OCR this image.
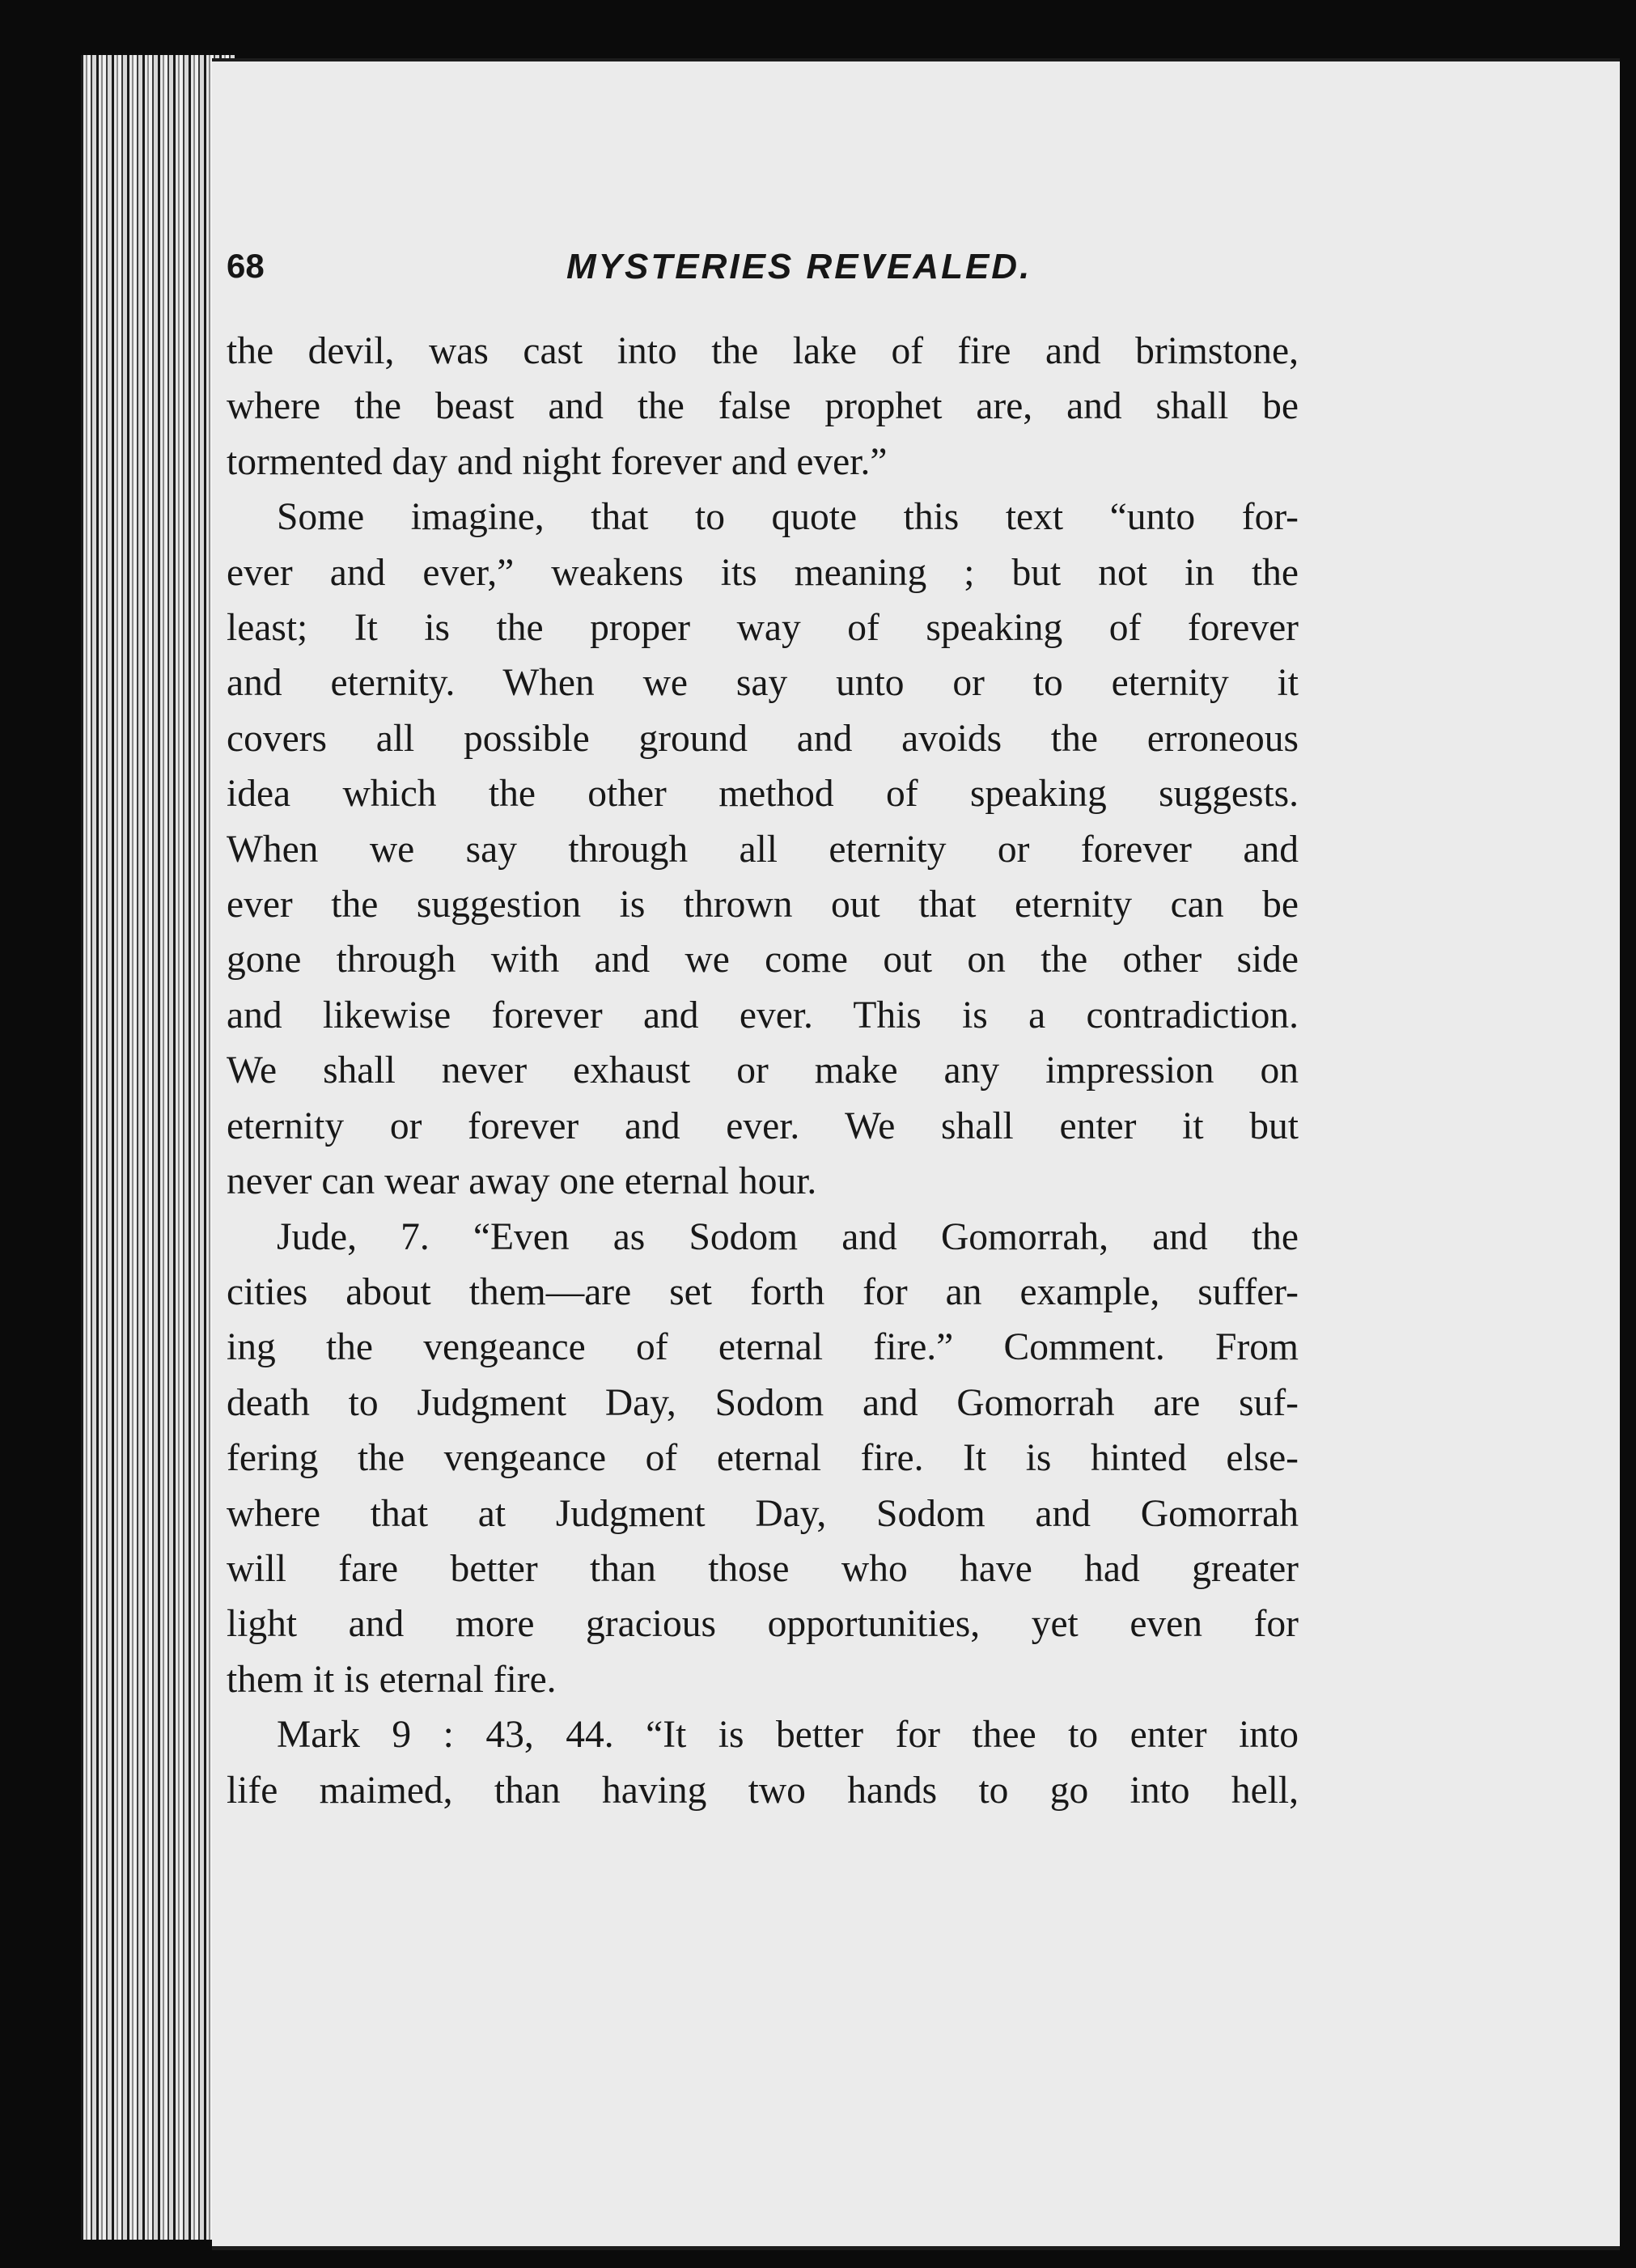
68	MYSTERIES REVEALED.

the devil, was cast into the lake of fire and brimstone,
where the beast and the false prophet are, and shall be
tormented day and night forever and ever.”

Some imagine, that to quote this text “unto for-
ever and ever,” weakens its meaning ; but not in the
least; It is the proper way of speaking of forever
and eternity. When we say unto or to eternity it
covers all possible ground and avoids the erroneous
idea which the other method of speaking suggests.
When we say through all eternity or forever and
ever the suggestion is thrown out that eternity can be
gone through with and we come out on the other side
and likewise forever and ever. This is a contradiction.
We shall never exhaust or make any impression on
eternity or forever and ever. We shall enter it but
never can wear away one eternal hour.

Jude, 7. “Even as Sodom and Gomorrah, and the
cities about them—are set forth for an example, suffer-
ing the vengeance of eternal fire.” Comment. From
death to Judgment Day, Sodom and Gomorrah are suf-
fering the vengeance of eternal fire. It is hinted else-
where that at Judgment Day, Sodom and Gomorrah
will fare better than those who have had greater
light and more gracious opportunities, yet even for
them it is eternal fire.

Mark 9 : 43, 44. “It is better for thee to enter into
life maimed, than having two hands to go into hell,
